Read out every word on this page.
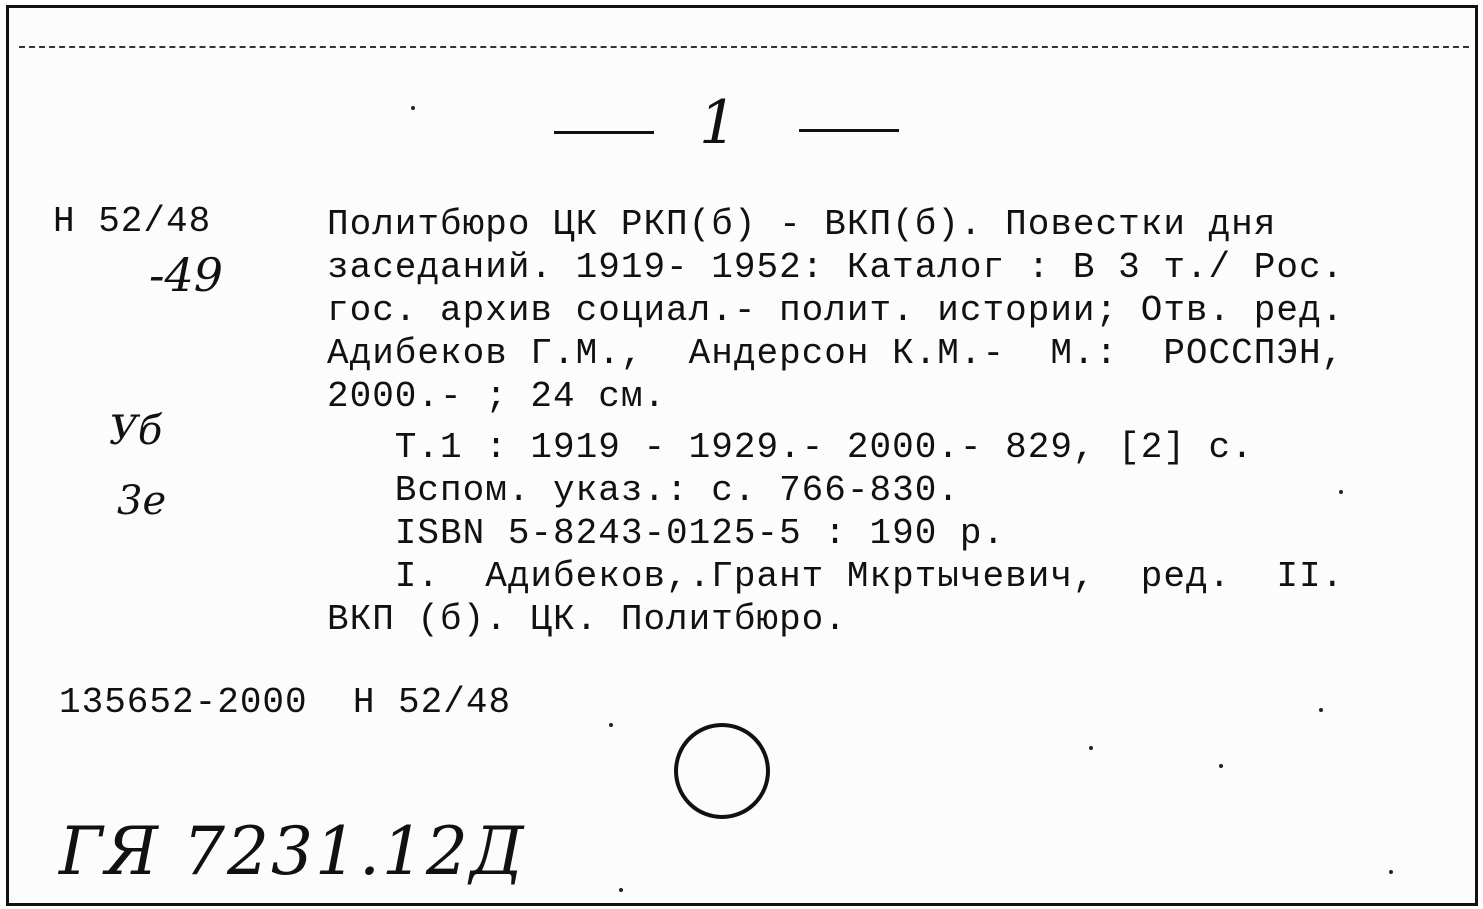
1
Н 52/48
-49
Уб
3е
Политбюро ЦК РКП(б) - ВКП(б). Повестки дня
заседаний. 1919- 1952: Каталог : В 3 т./ Рос.
гос. архив социал.- полит. истории; Отв. ред.
Адибеков Г.М.,  Андерсон К.М.-  М.:  РОССПЭН,
2000.- ; 24 см.
Т.1 : 1919 - 1929.- 2000.- 829, [2] с.
Вспом. указ.: с. 766-830.
ISBN 5-8243-0125-5 : 190 р.
I.  Адибеков,.Грант Мкртычевич,  ред.  II.
ВКП (б). ЦК. Политбюро.
135652-2000  Н 52/48
ГЯ 7231.12Д
